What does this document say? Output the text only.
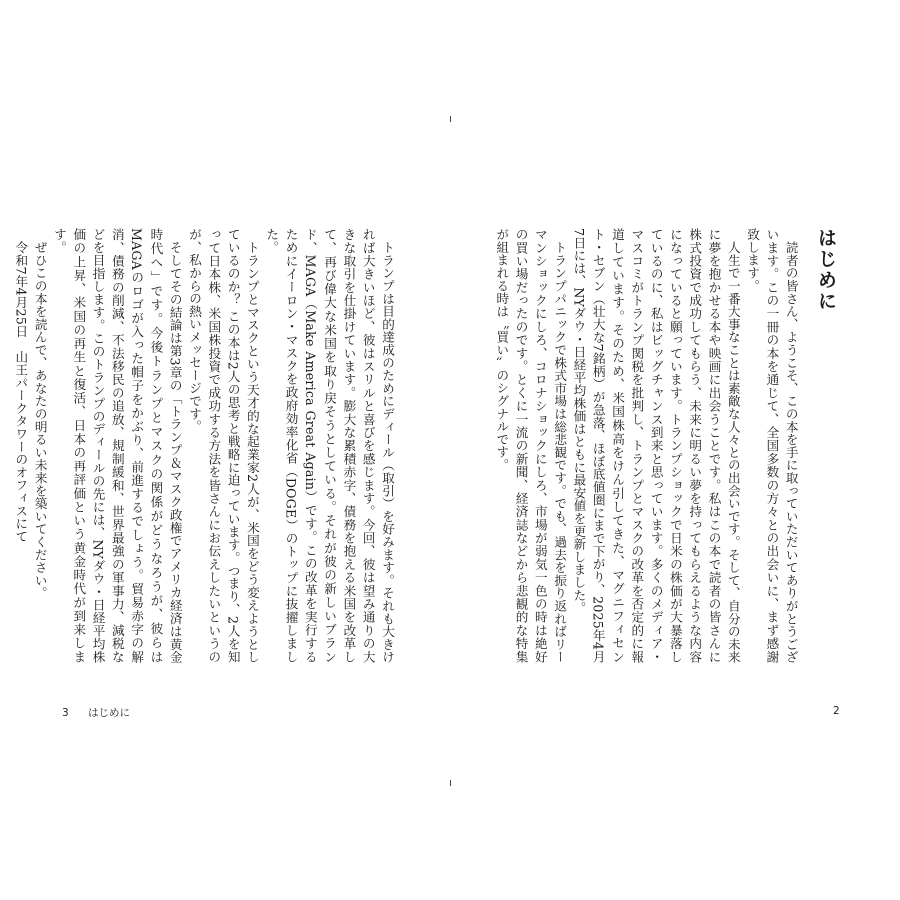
はじめに

読者の皆さん、ようこそ、この本を手に取っていただいてありがとうございます。この一冊の本を通じて、全国多数の方々との出会いに、まず感謝致します。

人生で一番大事なことは素敵な人々との出会いです。そして、自分の未来に夢を抱かせる本や映画に出会うことです。私はこの本で読者の皆さんに株式投資で成功してもらう、未来に明るい夢を持ってもらえるような内容になっていると願っています。トランプショックで日米の株価が大暴落しているのに、私はビッグチャンス到来と思っています。多くのメディア・マスコミがトランプ関税を批判し、トランプとマスクの改革を否定的に報道しています。そのため、米国株高をけん引してきた、マグニフィセント・セブン（壮大な7銘柄）が急落、ほぼ底値圏にまで下がり、2025年4月7日には、NYダウ・日経平均株価はともに最安値を更新しました。

トランプパニックで株式市場は総悲観です。でも、過去を振り返ればリーマンショックにしろ、コロナショックにしろ、市場が弱気一色の時は絶好の買い場だったのです。とくに一流の新聞、経済誌などから悲観的な特集が組まれる時は〝買い〟のシグナルです。

トランプは目的達成のためにディール（取引）を好みます。それも大きければ大きいほど、彼はスリルと喜びを感じます。今回、彼は望み通りの大きな取引を仕掛けています。膨大な累積赤字、債務を抱える米国を改革して、再び偉大な米国を取り戻そうとしている。それが彼の新しいブランド、MAGA（Make America Great Again）です。この改革を実行するためにイーロン・マスクを政府効率化省（DOGE）のトップに抜擢しました。

トランプとマスクという天才的な起業家2人が、米国をどう変えようとしているのか？ この本は2人の思考と戦略に迫っています。つまり、2人を知って日本株、米国株投資で成功する方法を皆さんにお伝えしたいというのが、私からの熱いメッセージです。

そしてその結論は第3章の「トランプ＆マスク政権でアメリカ経済は黄金時代へ」です。今後トランプとマスクの関係がどうなろうが、彼らはMAGAのロゴが入った帽子をかぶり、前進するでしょう。貿易赤字の解消、債務の削減、不法移民の追放、規制緩和、世界最強の軍事力、減税などを目指します。このトランプのディールの先には、NYダウ・日経平均株価の上昇、米国の再生と復活、日本の再評価という黄金時代が到来します。

ぜひこの本を読んで、あなたの明るい未来を築いてください。

令和7年4月25日　山王パークタワーのオフィスにて

3 はじめに	2
